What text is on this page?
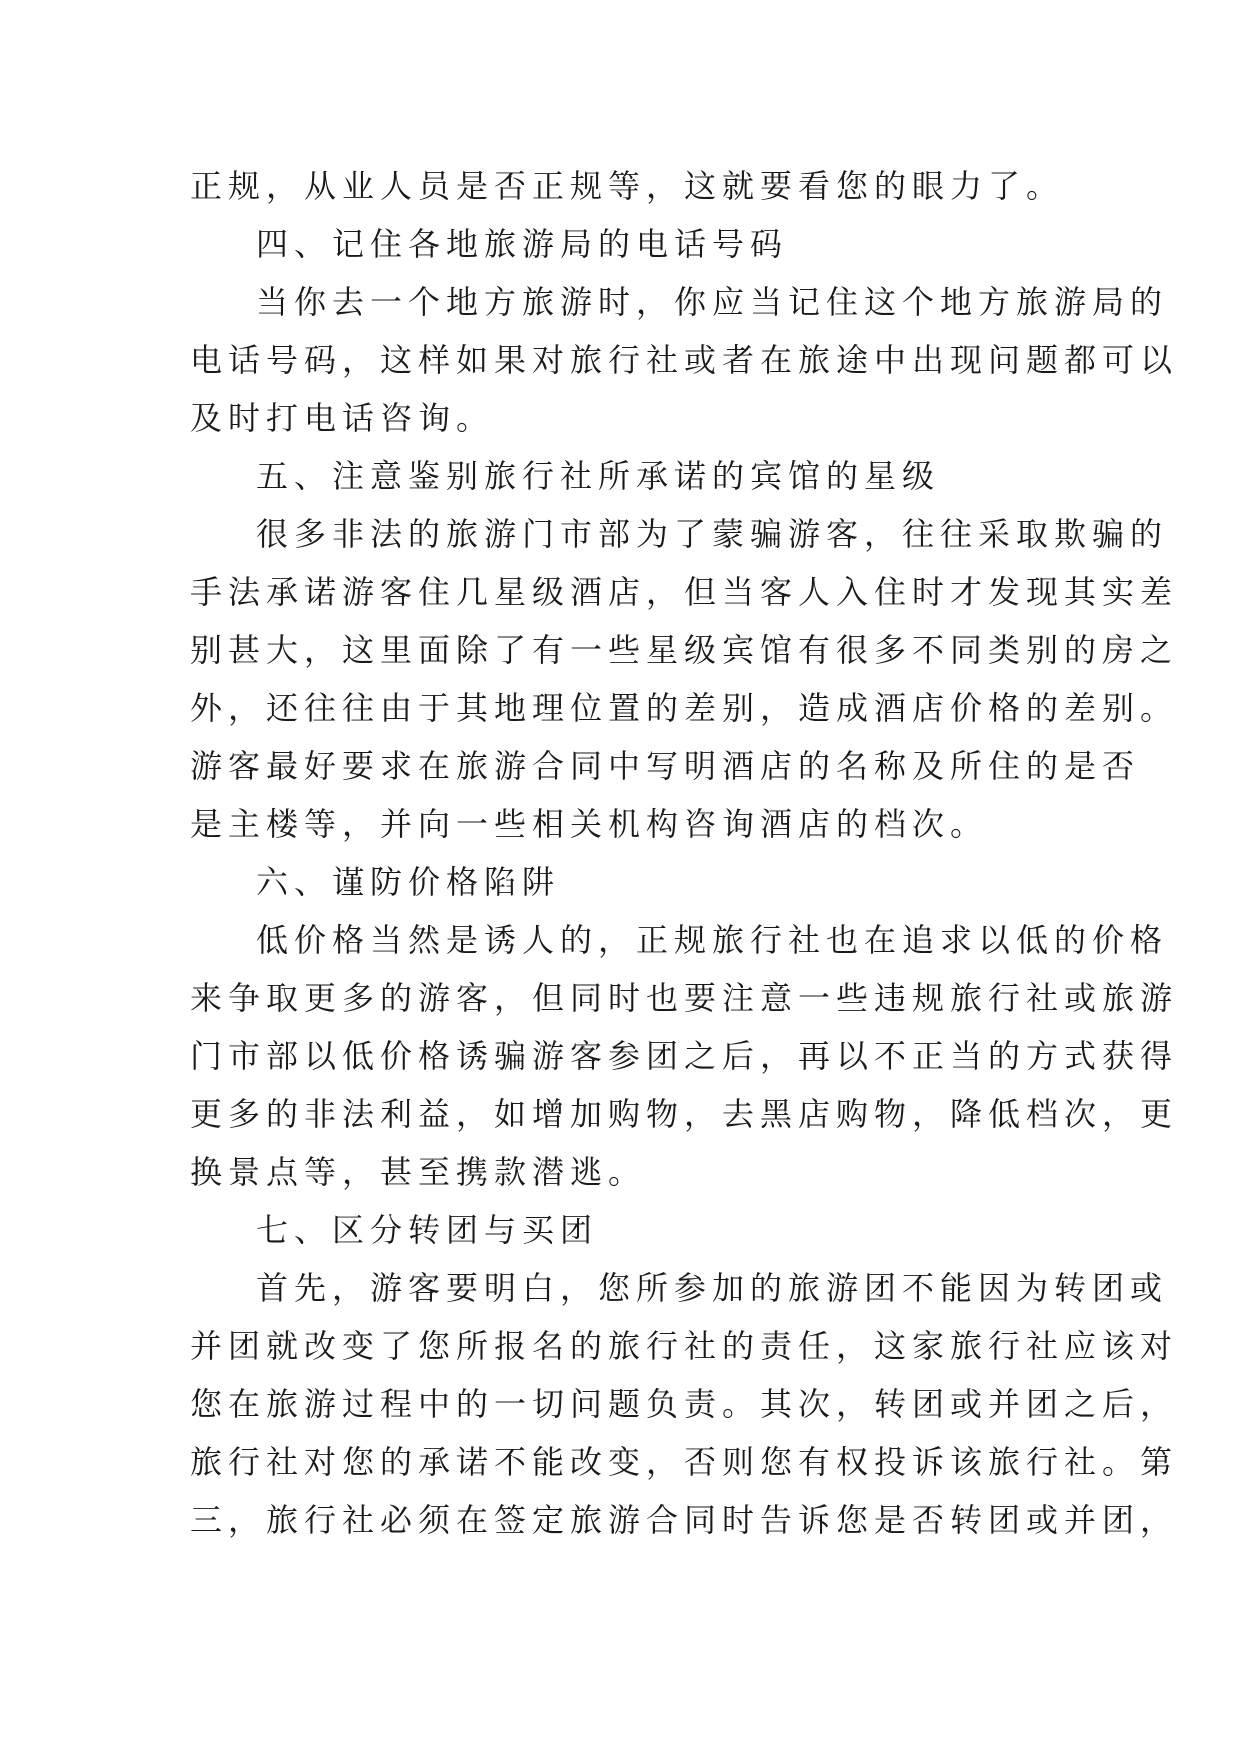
正规，从业人员是否正规等，这就要看您的眼力了。
四、记住各地旅游局的电话号码
当你去一个地方旅游时，你应当记住这个地方旅游局的
电话号码，这样如果对旅行社或者在旅途中出现问题都可以
及时打电话咨询。
五、注意鉴别旅行社所承诺的宾馆的星级
很多非法的旅游门市部为了蒙骗游客，往往采取欺骗的
手法承诺游客住几星级酒店，但当客人入住时才发现其实差
别甚大，这里面除了有一些星级宾馆有很多不同类别的房之
外，还往往由于其地理位置的差别，造成酒店价格的差别。
游客最好要求在旅游合同中写明酒店的名称及所住的是否
是主楼等，并向一些相关机构咨询酒店的档次。
六、谨防价格陷阱
低价格当然是诱人的，正规旅行社也在追求以低的价格
来争取更多的游客，但同时也要注意一些违规旅行社或旅游
门市部以低价格诱骗游客参团之后，再以不正当的方式获得
更多的非法利益，如增加购物，去黑店购物，降低档次，更
换景点等，甚至携款潜逃。
七、区分转团与买团
首先，游客要明白，您所参加的旅游团不能因为转团或
并团就改变了您所报名的旅行社的责任，这家旅行社应该对
您在旅游过程中的一切问题负责。其次，转团或并团之后，
旅行社对您的承诺不能改变，否则您有权投诉该旅行社。第
三，旅行社必须在签定旅游合同时告诉您是否转团或并团，
